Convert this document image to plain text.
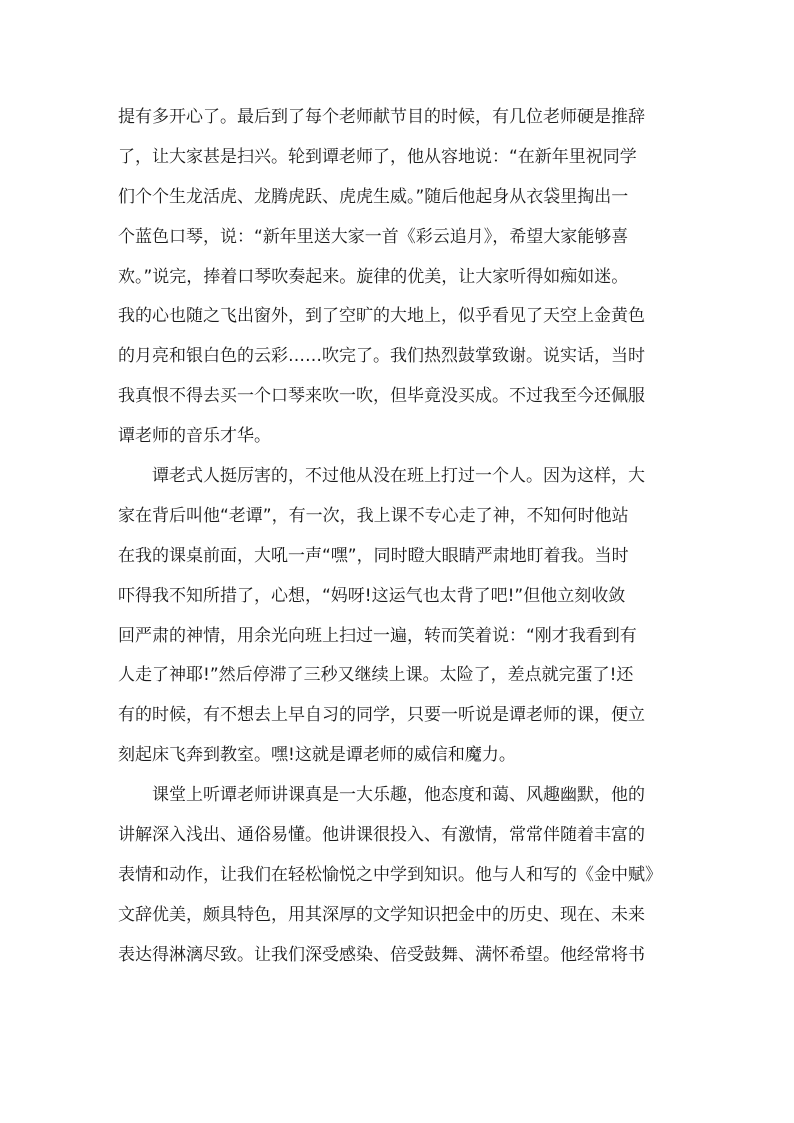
提有多开心了。最后到了每个老师献节目的时候，有几位老师硬是推辞
了，让大家甚是扫兴。轮到谭老师了，他从容地说：“在新年里祝同学
们个个生龙活虎、龙腾虎跃、虎虎生威。”随后他起身从衣袋里掏出一
个蓝色口琴，说：“新年里送大家一首《彩云追月》，希望大家能够喜
欢。”说完，捧着口琴吹奏起来。旋律的优美，让大家听得如痴如迷。
我的心也随之飞出窗外，到了空旷的大地上，似乎看见了天空上金黄色
的月亮和银白色的云彩……吹完了。我们热烈鼓掌致谢。说实话，当时
我真恨不得去买一个口琴来吹一吹，但毕竟没买成。不过我至今还佩服
谭老师的音乐才华。
谭老式人挺厉害的，不过他从没在班上打过一个人。因为这样，大
家在背后叫他“老谭”，有一次，我上课不专心走了神，不知何时他站
在我的课桌前面，大吼一声“嘿”，同时瞪大眼睛严肃地盯着我。当时
吓得我不知所措了，心想，“妈呀!这运气也太背了吧!”但他立刻收敛
回严肃的神情，用余光向班上扫过一遍，转而笑着说：“刚才我看到有
人走了神耶!”然后停滞了三秒又继续上课。太险了，差点就完蛋了!还
有的时候，有不想去上早自习的同学，只要一听说是谭老师的课，便立
刻起床飞奔到教室。嘿!这就是谭老师的威信和魔力。
课堂上听谭老师讲课真是一大乐趣，他态度和蔼、风趣幽默，他的
讲解深入浅出、通俗易懂。他讲课很投入、有激情，常常伴随着丰富的
表情和动作，让我们在轻松愉悦之中学到知识。他与人和写的《金中赋》
文辞优美，颇具特色，用其深厚的文学知识把金中的历史、现在、未来
表达得淋漓尽致。让我们深受感染、倍受鼓舞、满怀希望。他经常将书
